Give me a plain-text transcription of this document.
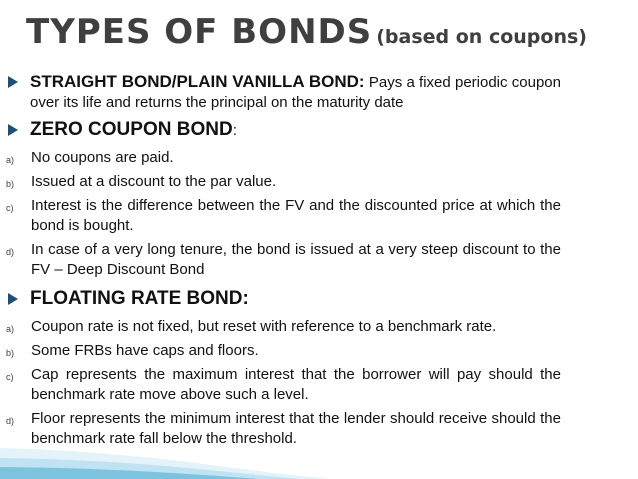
TYPES OF BONDS (based on coupons)
STRAIGHT BOND/PLAIN VANILLA BOND: Pays a fixed periodic coupon over its life and returns the principal on the maturity date
ZERO COUPON BOND:
a)	No coupons are paid.
b)	Issued at a discount to the par value.
c)	Interest is the difference between the FV and the discounted price at which the bond is bought.
d)	In case of a very long tenure, the bond is issued at a very steep discount to the FV – Deep Discount Bond
FLOATING RATE BOND:
a)	Coupon rate is not fixed, but reset with reference to a benchmark rate.
b)	Some FRBs have caps and floors.
c)	Cap represents the maximum interest that the borrower will pay should the benchmark rate move above such a level.
d)	Floor represents the minimum interest that the lender should receive should the benchmark rate fall below the threshold.
